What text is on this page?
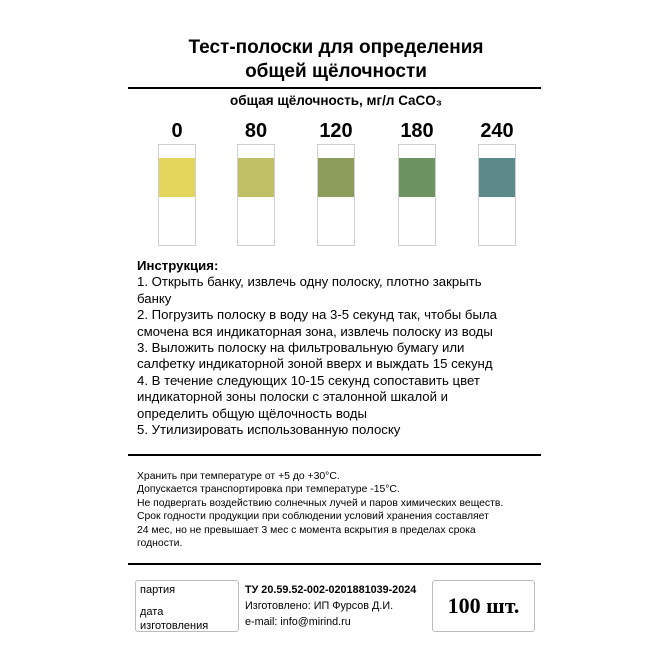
Тест-полоски для определения
общей щёлочности
общая щёлочность, мг/л CaCO₃
0	80	120	180	240
Инструкция:
1. Открыть банку, извлечь одну полоску, плотно закрыть
банку
2. Погрузить полоску в воду на 3-5 секунд так, чтобы была
смочена вся индикаторная зона, извлечь полоску из воды
3. Выложить полоску на фильтровальную бумагу или
салфетку индикаторной зоной вверх и выждать 15 секунд
4. В течение следующих 10-15 секунд сопоставить цвет
индикаторной зоны полоски с эталонной шкалой и
определить общую щёлочность воды
5. Утилизировать использованную полоску
Хранить при температуре от +5 до +30°С.
Допускается транспортировка при температуре -15°С.
Не подвергать воздействию солнечных лучей и паров химических веществ.
Срок годности продукции при соблюдении условий хранения составляет
24 мес, но не превышает 3 мес с момента вскрытия в пределах срока
годности.
партия
дата изготовления
ТУ 20.59.52-002-0201881039-2024
Изготовлено: ИП Фурсов Д.И.
e-mail: info@mirind.ru
100 шт.
